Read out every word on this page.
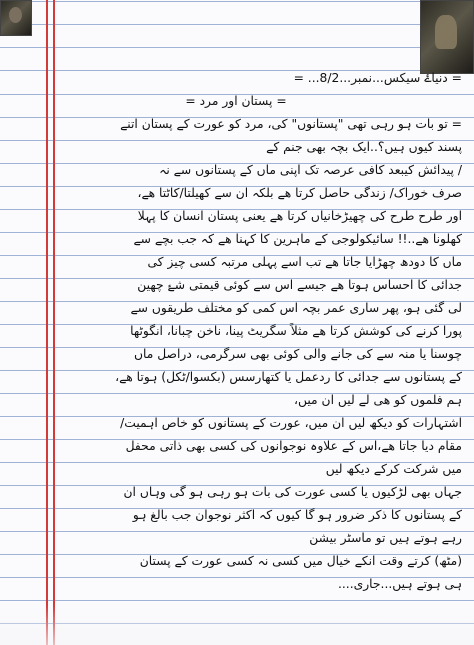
= دنیاۓ سیکس...نمبر...8/2... =
= پستان اور مرد =
= تو بات ہو رہی تھی "پستانوں" کی، مرد کو عورت کے پستان اتنے
پسند کیوں ہیں؟..ایک بچہ بھی جنم کے
/ پیدائش کیبعد کافی عرصہ تک اپنی ماں کے پستانوں سے نہ
صرف خوراک/ زندگی حاصل کرتا ھے بلکہ ان سے کھیلتا/کاٹتا ھے،
اور طرح طرح کی چھیڑخانیاں کرتا ھے یعنی پستان انسان کا پہلا
کھلونا ھے..!! سائیکولوجی کے ماہرین کا کہنا ھے کہ جب بچے سے
ماں کا دودھ چھڑایا جاتا ھے تب اسے پہلی مرتبہ کسی چیز کی
جدائی کا احساس ہوتا ھے جیسے اس سے کوئی قیمتی شۓ چھین
لی گئی ہو، پھر ساری عمر بچہ اس کمی کو مختلف طریقوں سے
پورا کرنے کی کوشش کرتا ھے مثلاً سگریٹ پینا، ناخن چبانا، انگوٹھا
چوسنا یا منہ سے کی جانے والی کوئی بھی سرگرمی، دراصل ماں
کے پستانوں سے جدائی کا ردعمل یا کتھارسس (بکسوا/ٹکل) ہوتا ھے،
ہم فلموں کو ھی لے لیں ان میں،
اشتہارات کو دیکھ لیں ان میں، عورت کے پستانوں کو خاص اہمیت/
مقام دیا جاتا ھے،اس کے علاوہ نوجوانوں کی کسی بھی ذاتی محفل
میں شرکت کرکے دیکھ لیں
جہاں بھی لڑکیوں یا کسی عورت کی بات ہو رہی ہو گی وہاں ان
کے پستانوں کا ذکر ضرور ہو گا کیوں کہ اکثر نوجوان جب بالغ ہو
رہے ہوتے ہیں تو ماسٹر بیشن
(مٹھ) کرتے وقت انکے خیال میں کسی نہ کسی عورت کے پستان
ہی ہوتے ہیں...جاری....
